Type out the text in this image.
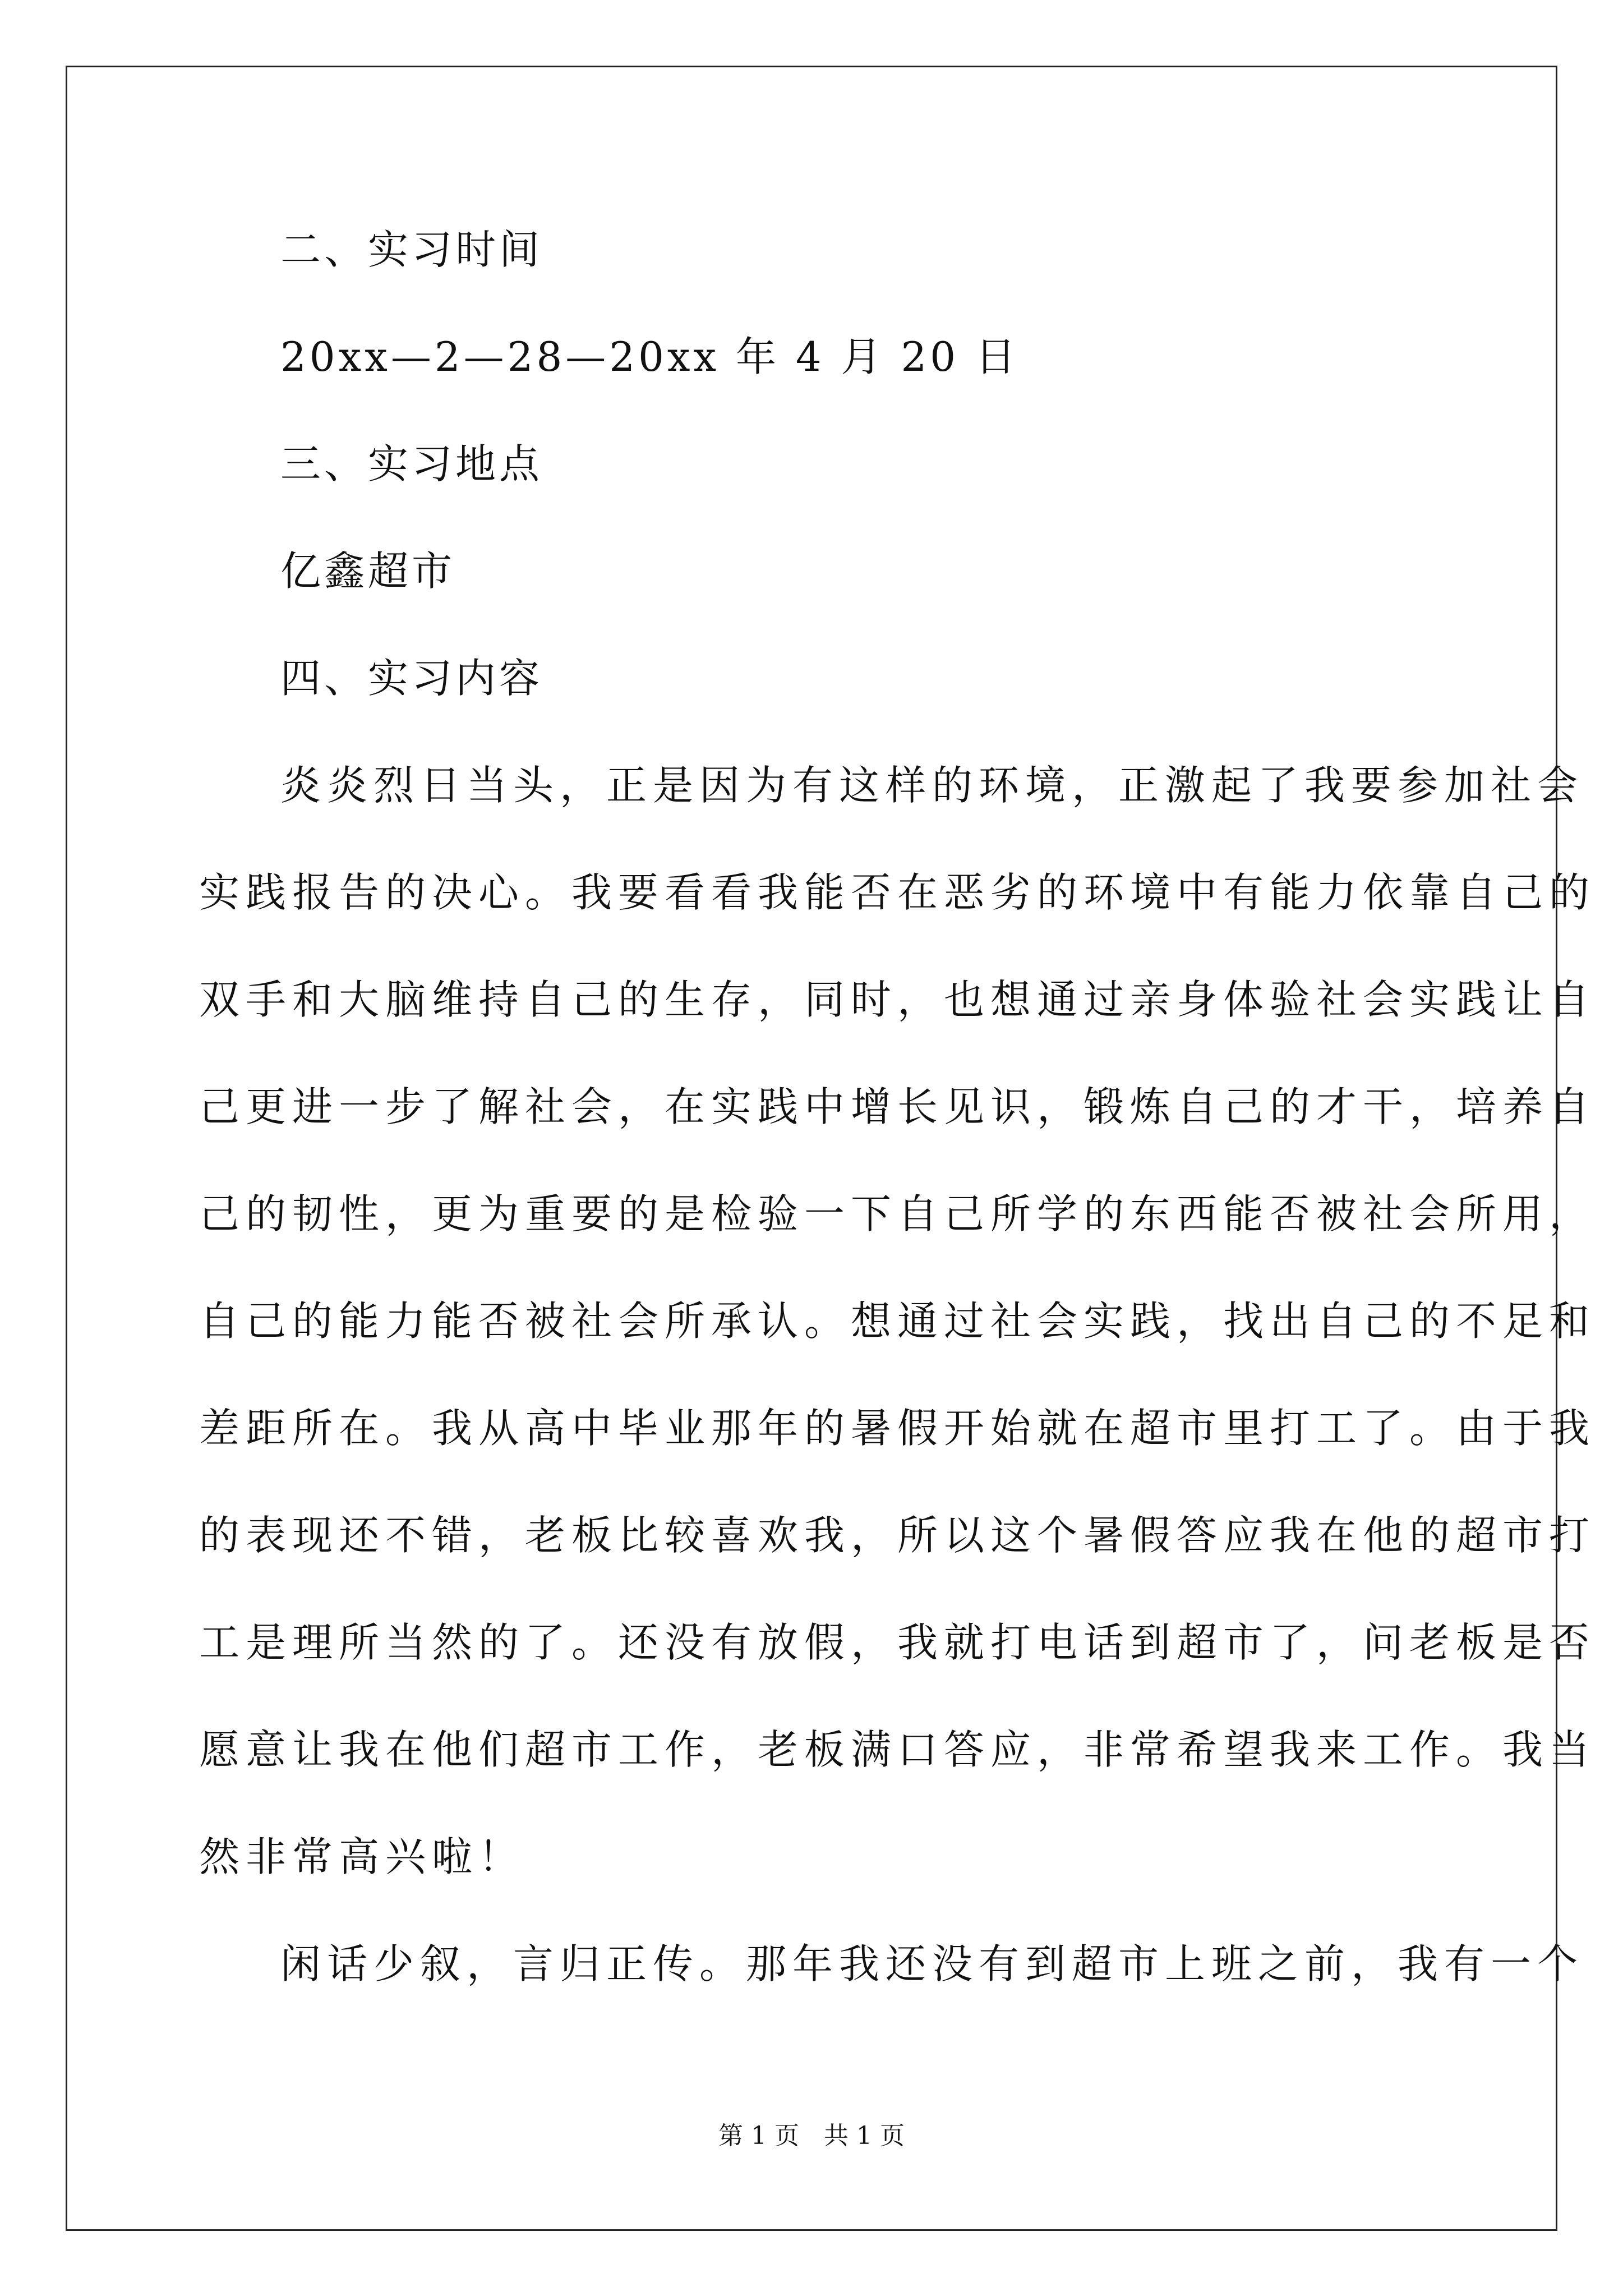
二、实习时间
20xx—2—28—20xx 年 4 月 20 日
三、实习地点
亿鑫超市
四、实习内容
炎炎烈日当头，正是因为有这样的环境，正激起了我要参加社会
实践报告的决心。我要看看我能否在恶劣的环境中有能力依靠自己的
双手和大脑维持自己的生存，同时，也想通过亲身体验社会实践让自
己更进一步了解社会，在实践中增长见识，锻炼自己的才干，培养自
己的韧性，更为重要的是检验一下自己所学的东西能否被社会所用，
自己的能力能否被社会所承认。想通过社会实践，找出自己的不足和
差距所在。我从高中毕业那年的暑假开始就在超市里打工了。由于我
的表现还不错，老板比较喜欢我，所以这个暑假答应我在他的超市打
工是理所当然的了。还没有放假，我就打电话到超市了，问老板是否
愿意让我在他们超市工作，老板满口答应，非常希望我来工作。我当
然非常高兴啦！
闲话少叙，言归正传。那年我还没有到超市上班之前，我有一个
第 1 页　共 1 页
